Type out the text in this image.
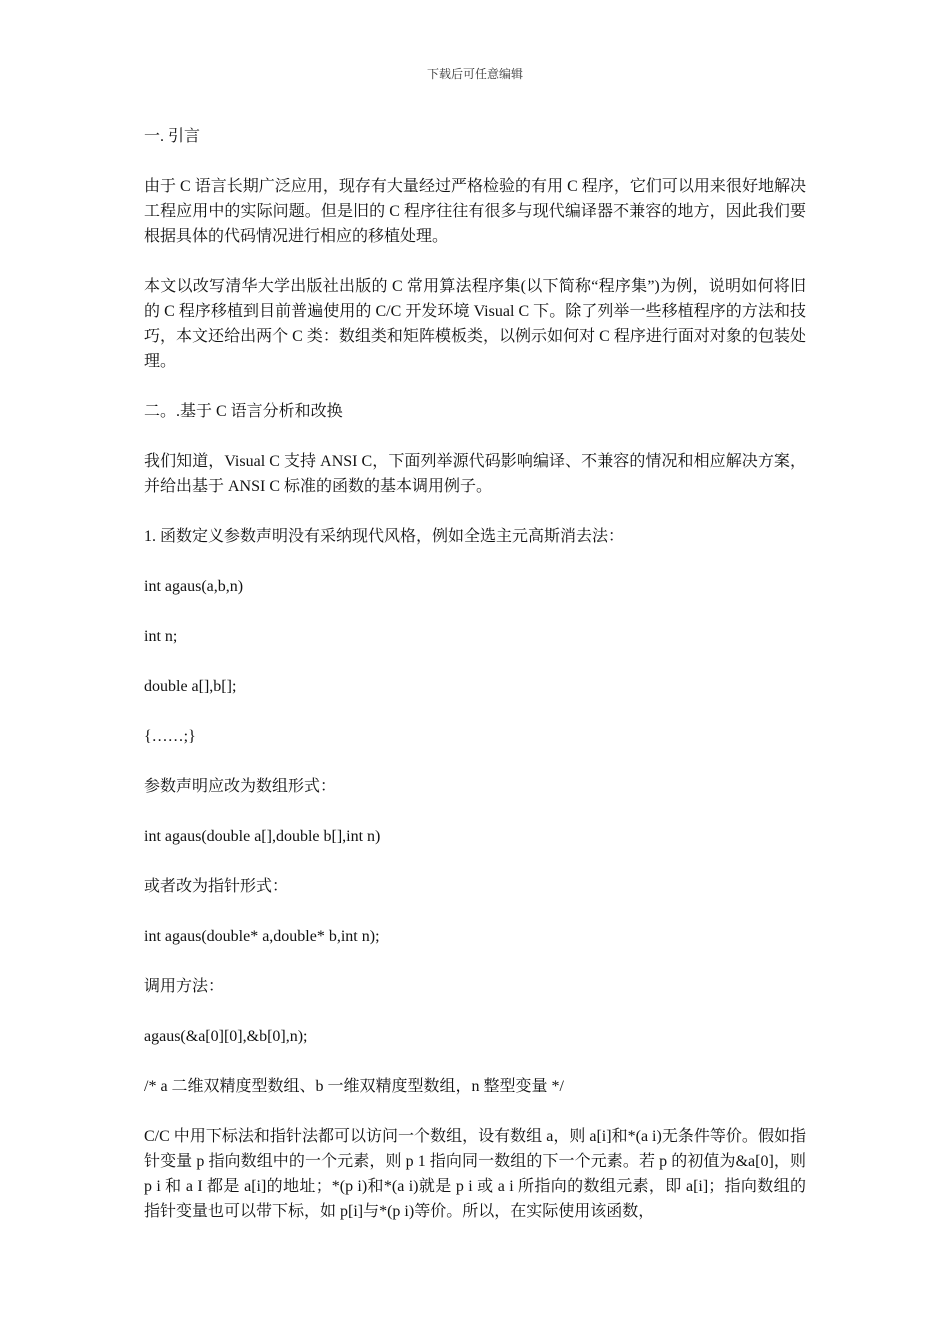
下载后可任意编辑

一. 引言

由于 C 语言长期广泛应用，现存有大量经过严格检验的有用 C 程序，它们可以用来很好地解决工程应用中的实际问题。但是旧的 C 程序往往有很多与现代编译器不兼容的地方，因此我们要根据具体的代码情况进行相应的移植处理。

本文以改写清华大学出版社出版的 C 常用算法程序集(以下简称“程序集”)为例，说明如何将旧的 C 程序移植到目前普遍使用的 C/C 开发环境 Visual C 下。除了列举一些移植程序的方法和技巧，本文还给出两个 C 类：数组类和矩阵模板类，以例示如何对 C 程序进行面对对象的包装处理。

二。.基于 C 语言分析和改换

我们知道，Visual C 支持 ANSI C，下面列举源代码影响编译、不兼容的情况和相应解决方案，并给出基于 ANSI C 标准的函数的基本调用例子。

1. 函数定义参数声明没有采纳现代风格，例如全选主元高斯消去法：

int agaus(a,b,n)

int n;

double a[],b[];

{……;}

参数声明应改为数组形式：

int agaus(double a[],double b[],int n)

或者改为指针形式：

int agaus(double* a,double* b,int n);

调用方法：

agaus(&a[0][0],&b[0],n);

/* a 二维双精度型数组、b 一维双精度型数组，n 整型变量 */

C/C 中用下标法和指针法都可以访问一个数组，设有数组 a，则 a[i]和*(a i)无条件等价。假如指针变量 p 指向数组中的一个元素，则 p 1 指向同一数组的下一个元素。若 p 的初值为&a[0]，则 p i 和 a I 都是 a[i]的地址；*(p i)和*(a i)就是 p i 或 a i 所指向的数组元素，即 a[i]；指向数组的指针变量也可以带下标，如 p[i]与*(p i)等价。所以，在实际使用该函数，
